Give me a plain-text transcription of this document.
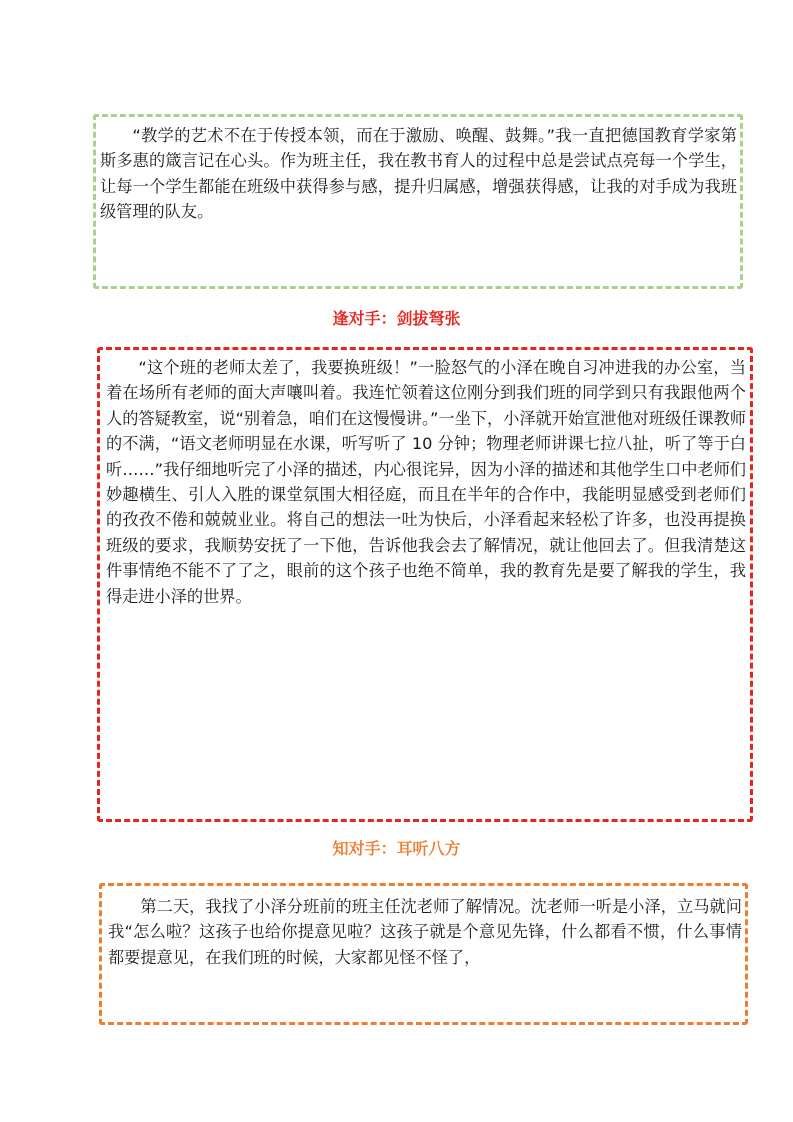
“教学的艺术不在于传授本领，而在于激励、唤醒、鼓舞。”我一直把德国教育学家第斯多惠的箴言记在心头。作为班主任，我在教书育人的过程中总是尝试点亮每一个学生，让每一个学生都能在班级中获得参与感，提升归属感，增强获得感，让我的对手成为我班级管理的队友。

逢对手：剑拔弩张

“这个班的老师太差了，我要换班级！”一脸怒气的小泽在晚自习冲进我的办公室，当着在场所有老师的面大声嚷叫着。我连忙领着这位刚分到我们班的同学到只有我跟他两个人的答疑教室，说“别着急，咱们在这慢慢讲。”一坐下，小泽就开始宣泄他对班级任课教师的不满，“语文老师明显在水课，听写听了 10 分钟；物理老师讲课七拉八扯，听了等于白听……”我仔细地听完了小泽的描述，内心很诧异，因为小泽的描述和其他学生口中老师们妙趣横生、引人入胜的课堂氛围大相径庭，而且在半年的合作中，我能明显感受到老师们的孜孜不倦和兢兢业业。将自己的想法一吐为快后，小泽看起来轻松了许多，也没再提换班级的要求，我顺势安抚了一下他，告诉他我会去了解情况，就让他回去了。但我清楚这件事情绝不能不了了之，眼前的这个孩子也绝不简单，我的教育先是要了解我的学生，我得走进小泽的世界。

知对手：耳听八方

第二天，我找了小泽分班前的班主任沈老师了解情况。沈老师一听是小泽，立马就问我“怎么啦？这孩子也给你提意见啦？这孩子就是个意见先锋，什么都看不惯，什么事情都要提意见，在我们班的时候，大家都见怪不怪了，
